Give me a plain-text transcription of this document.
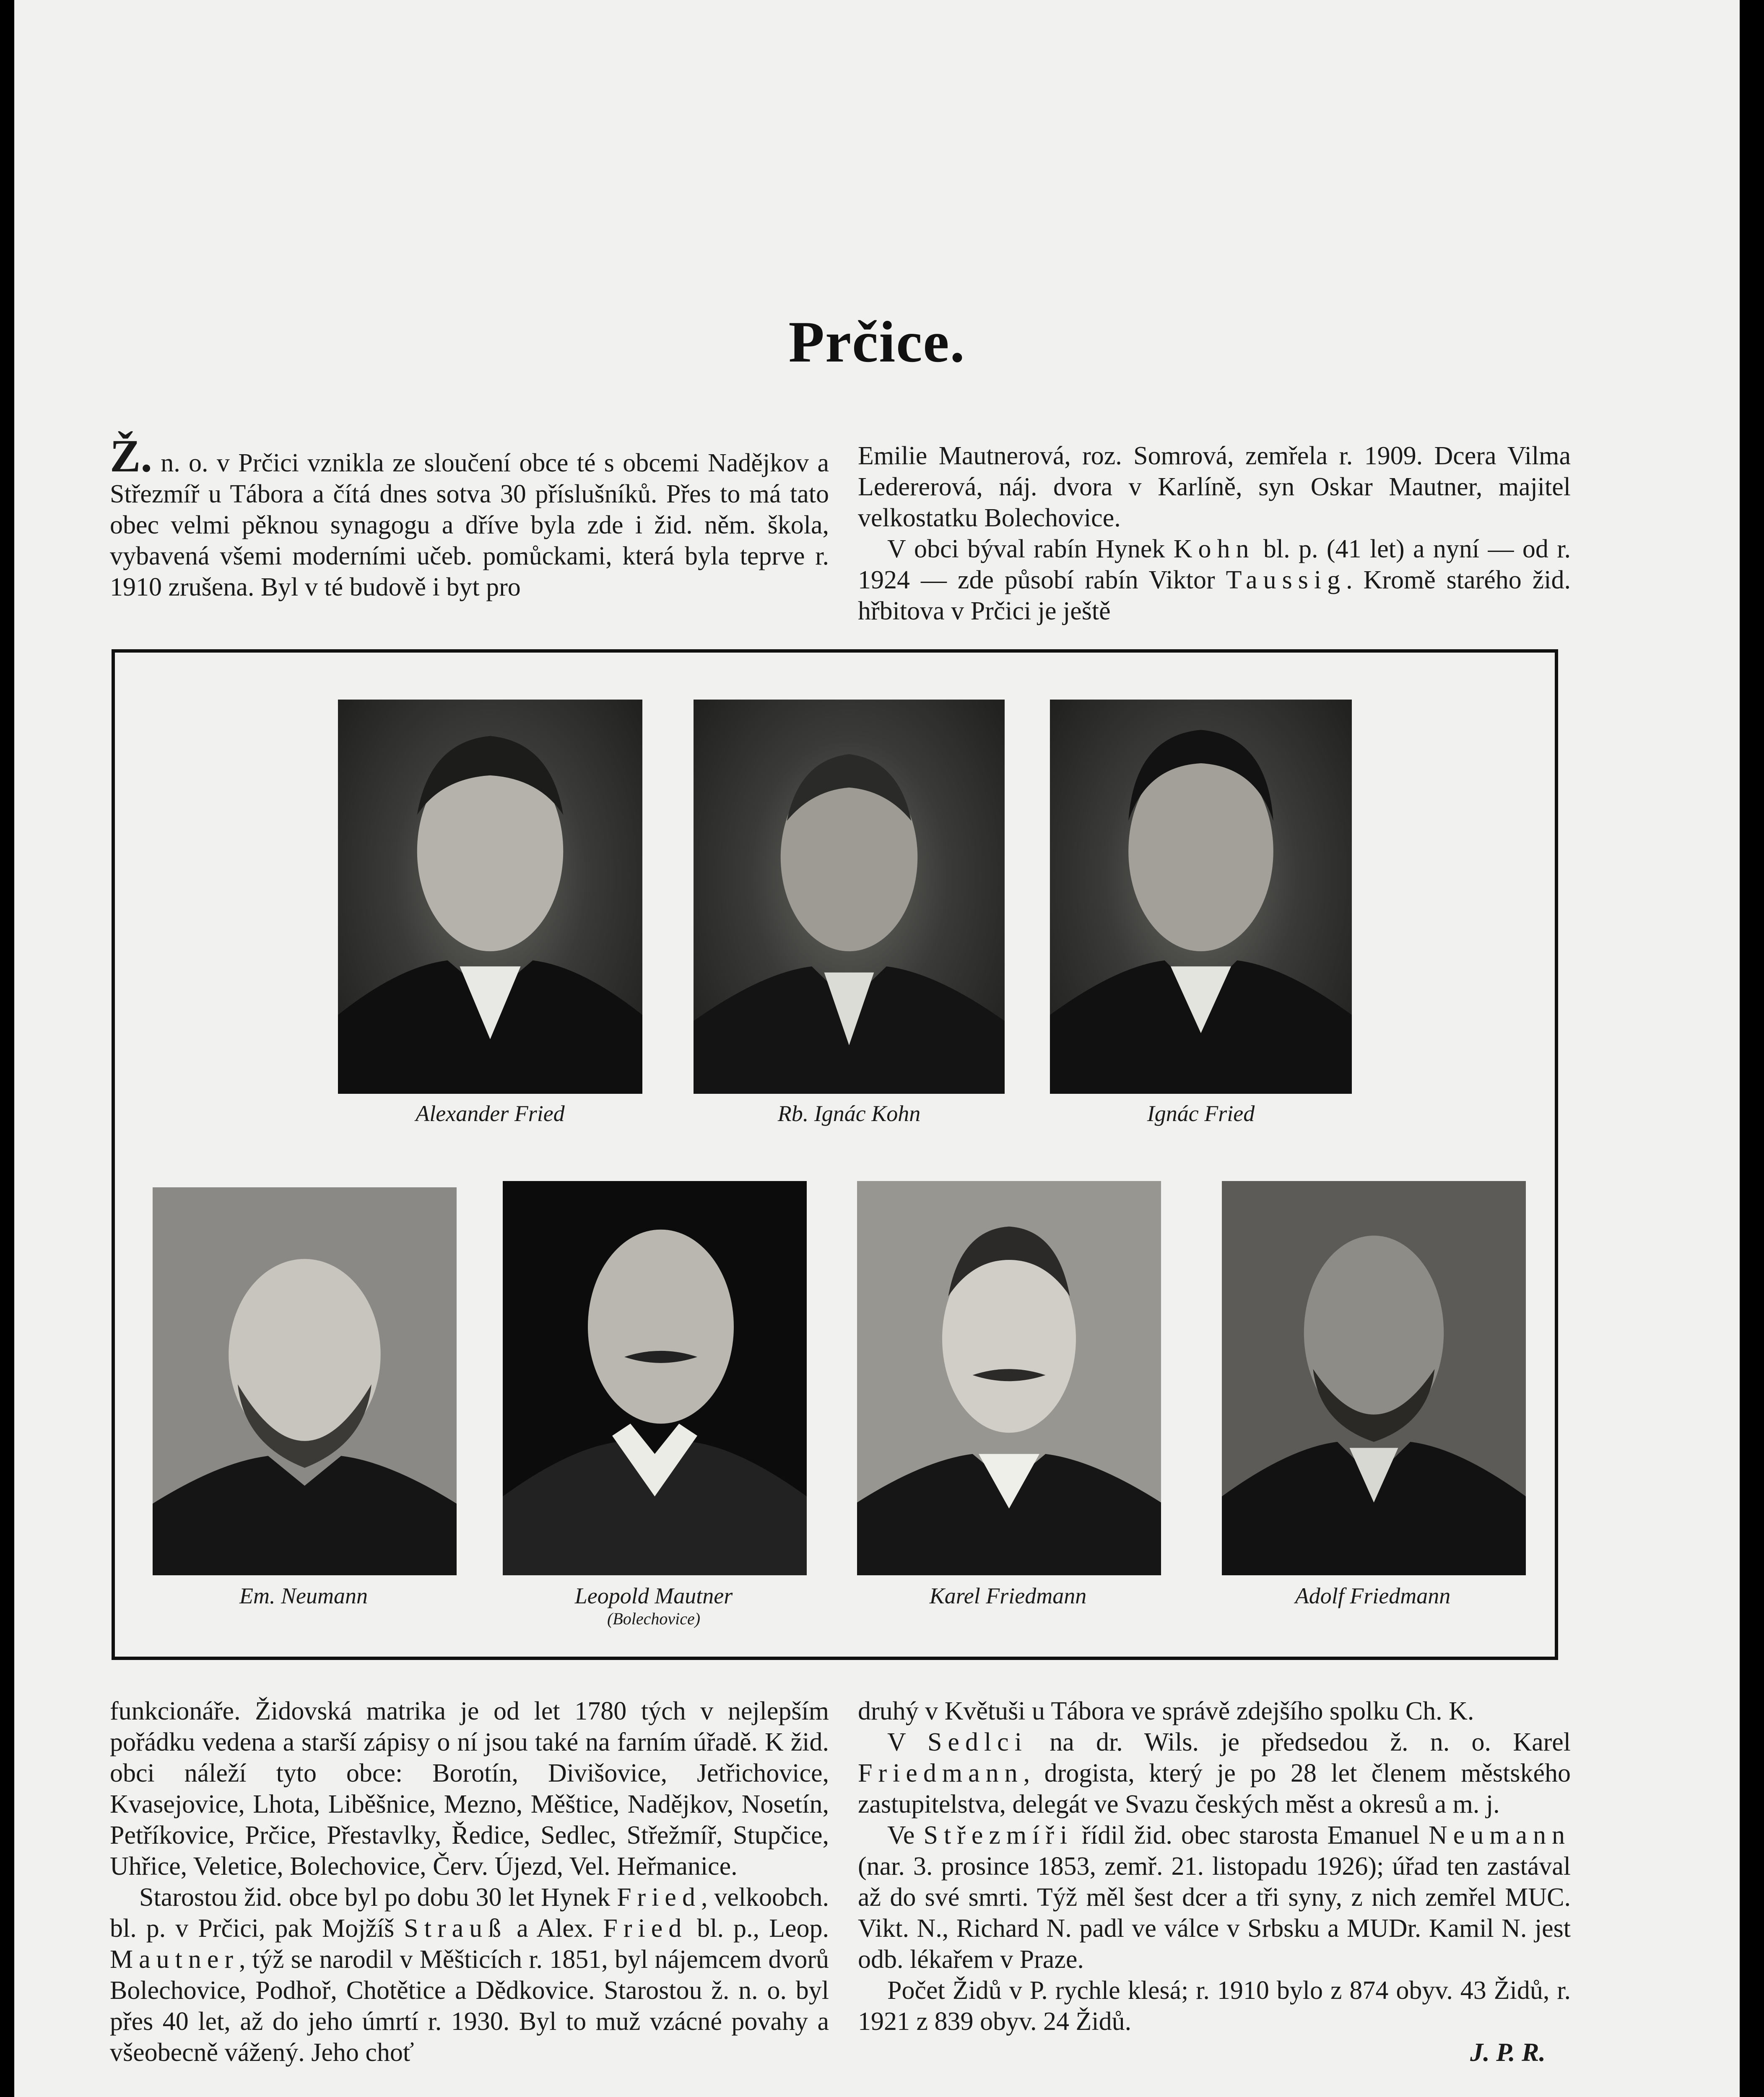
Prčice.

Ž. n. o. v Prčici vznikla ze sloučení obce té s obcemi Nadějkov a Střezmíř u Tábora a čítá dnes sotva 30 příslušníků. Přes to má tato obec velmi pěknou synagogu a dříve byla zde i žid. něm. škola, vybavená všemi moderními učeb. pomůckami, která byla teprve r. 1910 zrušena. Byl v té budově i byt pro

Emilie Mautnerová, roz. Somrová, zemřela r. 1909. Dcera Vilma Ledererová, náj. dvora v Karlíně, syn Oskar Mautner, majitel velkostatku Bolechovice.

V obci býval rabín Hynek Kohn bl. p. (41 let) a nyní — od r. 1924 — zde působí rabín Viktor Taussig. Kromě starého žid. hřbitova v Prčici je ještě

Alexander Fried	Rb. Ignác Kohn	Ignác Fried
Em. Neumann	Leopold Mautner
(Bolechovice)
Karel Friedmann	Adolf Friedmann

funkcionáře. Židovská matrika je od let 1780 tých v nejlepším pořádku vedena a starší zápisy o ní jsou také na farním úřadě. K žid. obci náleží tyto obce: Borotín, Divišovice, Jetřichovice, Kvasejovice, Lhota, Liběšnice, Mezno, Měštice, Nadějkov, Nosetín, Petříkovice, Prčice, Přestavlky, Ředice, Sedlec, Střežmíř, Stupčice, Uhřice, Veletice, Bolechovice, Červ. Újezd, Vel. Heřmanice.

Starostou žid. obce byl po dobu 30 let Hynek Fried, velkoobch. bl. p. v Prčici, pak Mojžíš Strauß a Alex. Fried bl. p., Leop. Mautner, týž se narodil v Měšticích r. 1851, byl nájemcem dvorů Bolechovice, Podhoř, Chotětice a Dědkovice. Starostou ž. n. o. byl přes 40 let, až do jeho úmrtí r. 1930. Byl to muž vzácné povahy a všeobecně vážený. Jeho choť

druhý v Květuši u Tábora ve správě zdejšího spolku Ch. K.

V Sedlci na dr. Wils. je předsedou ž. n. o. Karel Friedmann, drogista, který je po 28 let členem městského zastupitelstva, delegát ve Svazu českých měst a okresů a m. j.

Ve Střezmíři řídil žid. obec starosta Emanuel Neumann (nar. 3. prosince 1853, zemř. 21. listopadu 1926); úřad ten zastával až do své smrti. Týž měl šest dcer a tři syny, z nich zemřel MUC. Vikt. N., Richard N. padl ve válce v Srbsku a MUDr. Kamil N. jest odb. lékařem v Praze.

Počet Židů v P. rychle klesá; r. 1910 bylo z 874 obyv. 43 Židů, r. 1921 z 839 obyv. 24 Židů.

J. P. R.
